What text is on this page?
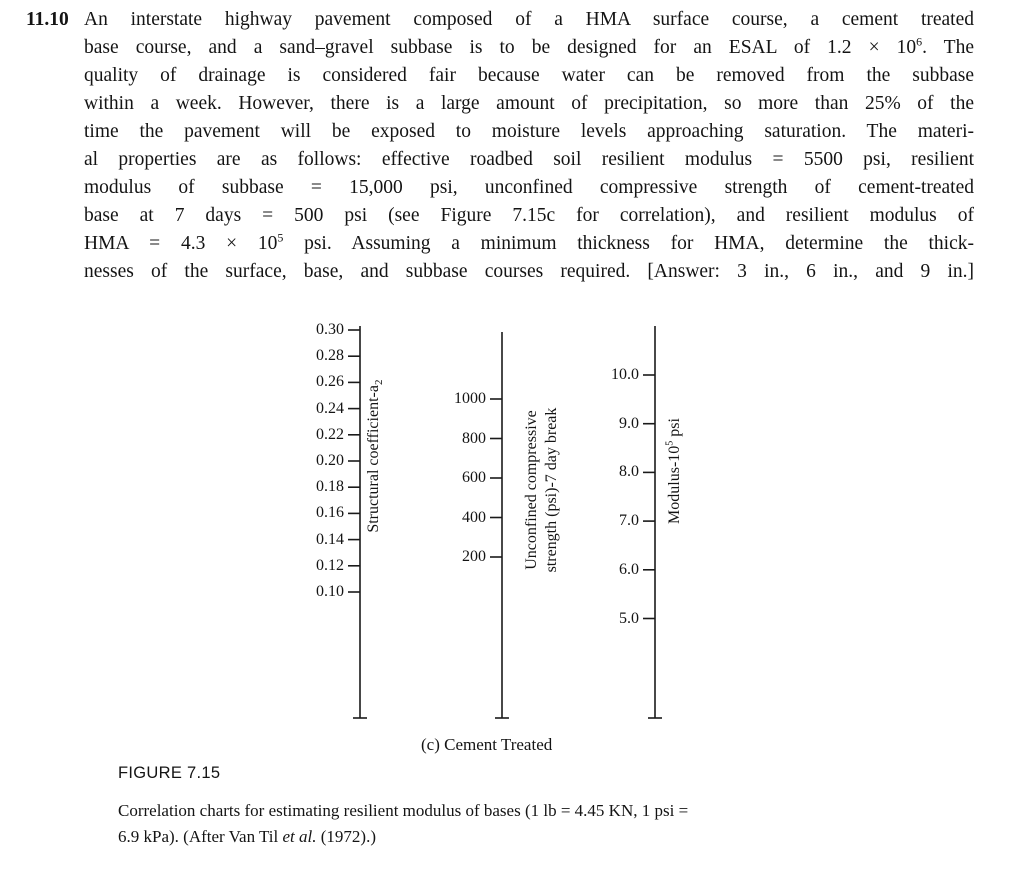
11.10 An interstate highway pavement composed of a HMA surface course, a cement treated
base course, and a sand–gravel subbase is to be designed for an ESAL of $1.2 \times 10^6$. The
quality of drainage is considered fair because water can be removed from the subbase
within a week. However, there is a large amount of precipitation, so more than 25% of the
time the pavement will be exposed to moisture levels approaching saturation. The materi-
al properties are as follows: effective roadbed soil resilient modulus = 5500 psi, resilient
modulus of subbase = 15,000 psi, unconfined compressive strength of cement-treated
base at 7 days = 500 psi (see Figure 7.15c for correlation), and resilient modulus of
HMA = $4.3 \times 10^5$ psi. Assuming a minimum thickness for HMA, determine the thick-
nesses of the surface, base, and subbase courses required. [Answer: 3 in., 6 in., and 9 in.]
0.30
0.28
0.26
0.24
0.22
0.20
0.18
0.16
0.14
0.12
0.10
1000
800
600
400
200
10.0
9.0
8.0
7.0
6.0
5.0
Structural coefficient-$a_2$
Unconfined compressive strength (psi)-7 day break	Modulus-$10^5$ psi
(c) Cement Treated
FIGURE 7.15
Correlation charts for estimating resilient modulus of bases (1 lb = 4.45 KN, 1 psi =
6.9 kPa). (After Van Til et al. (1972).)
